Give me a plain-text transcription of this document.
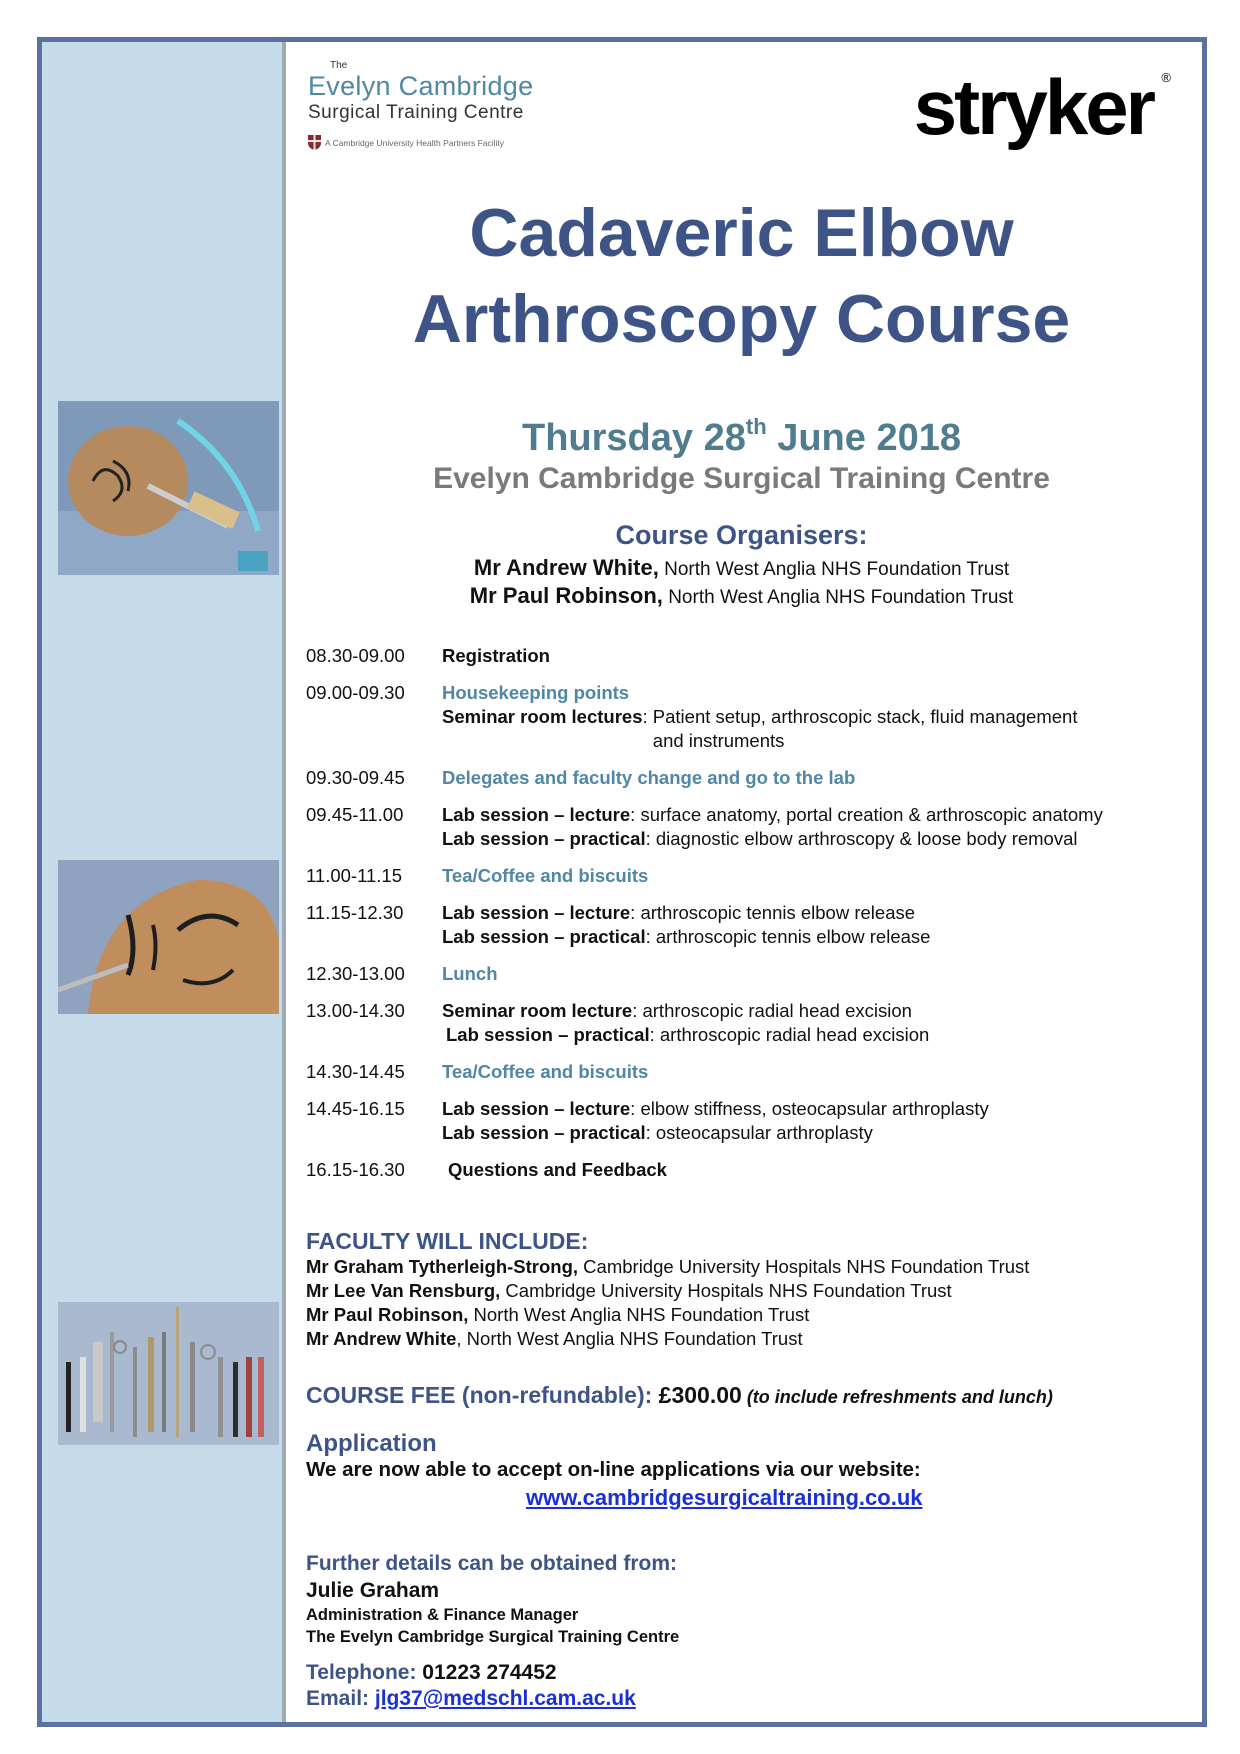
The
Evelyn Cambridge
Surgical Training Centre
A Cambridge University Health Partners Facility	stryker ®
Cadaveric Elbow
Arthroscopy Course
Thursday 28th June 2018
Evelyn Cambridge Surgical Training Centre
Course Organisers:
Mr Andrew White, North West Anglia NHS Foundation Trust
Mr Paul Robinson, North West Anglia NHS Foundation Trust
08.30-09.00	Registration
09.00-09.30	Housekeeping points
Seminar room lectures : Patient setup, arthroscopic stack, fluid management
and instruments
09.30-09.45	Delegates and faculty change and go to the lab
09.45-11.00	Lab session – lecture: surface anatomy, portal creation & arthroscopic anatomy
Lab session – practical: diagnostic elbow arthroscopy & loose body removal
11.00-11.15	Tea/Coffee and biscuits
11.15-12.30	Lab session – lecture: arthroscopic tennis elbow release
Lab session – practical: arthroscopic tennis elbow release
12.30-13.00	Lunch
13.00-14.30	Seminar room lecture: arthroscopic radial head excision
Lab session – practical: arthroscopic radial head excision
14.30-14.45	Tea/Coffee and biscuits
14.45-16.15	Lab session – lecture: elbow stiffness, osteocapsular arthroplasty
Lab session – practical: osteocapsular arthroplasty
16.15-16.30	Questions and Feedback
FACULTY WILL INCLUDE:
Mr Graham Tytherleigh-Strong, Cambridge University Hospitals NHS Foundation Trust
Mr Lee Van Rensburg, Cambridge University Hospitals NHS Foundation Trust
Mr Paul Robinson, North West Anglia NHS Foundation Trust
Mr Andrew White, North West Anglia NHS Foundation Trust
COURSE FEE (non-refundable): £300.00 (to include refreshments and lunch)
Application
We are now able to accept on-line applications via our website:
www.cambridgesurgicaltraining.co.uk
Further details can be obtained from:
Julie Graham
Administration & Finance Manager
The Evelyn Cambridge Surgical Training Centre
Telephone: 01223 274452
Email: jlg37@medschl.cam.ac.uk
